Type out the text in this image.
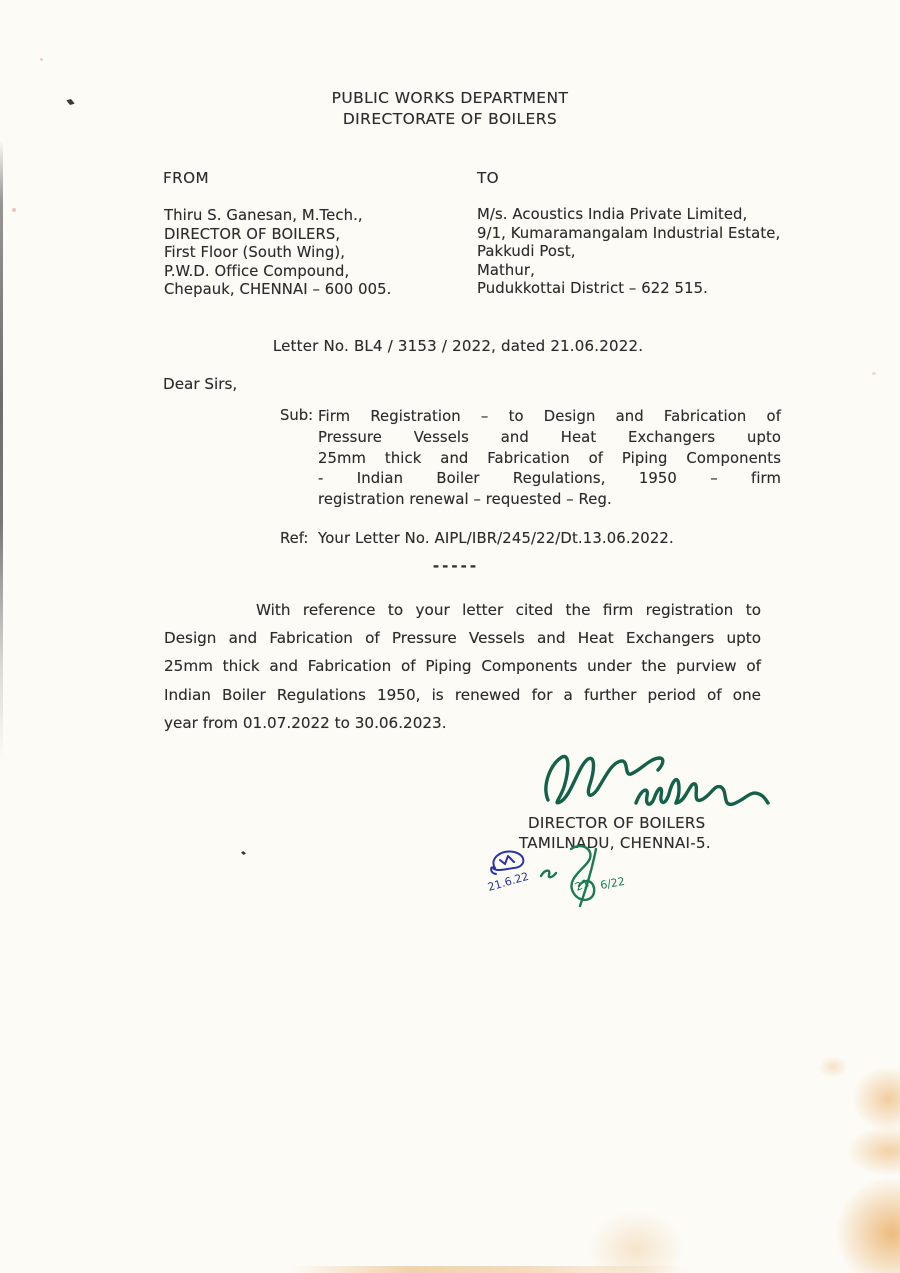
PUBLIC WORKS DEPARTMENT
DIRECTORATE OF BOILERS
FROM	TO
Thiru S. Ganesan, M.Tech.,
DIRECTOR OF BOILERS,
First Floor (South Wing),
P.W.D. Office Compound,
Chepauk, CHENNAI – 600 005.
M/s. Acoustics India Private Limited,
9/1, Kumaramangalam Industrial Estate,
Pakkudi Post,
Mathur,
Pudukkottai District – 622 515.
Letter No. BL4 / 3153 / 2022, dated 21.06.2022.
Dear Sirs,
Sub: Firm Registration – to Design and Fabrication of
Pressure Vessels and Heat Exchangers upto
25mm thick and Fabrication of Piping Components
- Indian Boiler Regulations, 1950 – firm
registration renewal – requested – Reg.
Ref: Your Letter No. AIPL/IBR/245/22/Dt.13.06.2022.
-----
With reference to your letter cited the firm registration to
Design and Fabrication of Pressure Vessels and Heat Exchangers upto
25mm thick and Fabrication of Piping Components under the purview of
Indian Boiler Regulations 1950, is renewed for a further period of one
year from 01.07.2022 to 30.06.2023.
DIRECTOR OF BOILERS
TAMILNADU, CHENNAI-5.
21.6.22	21 6/22
